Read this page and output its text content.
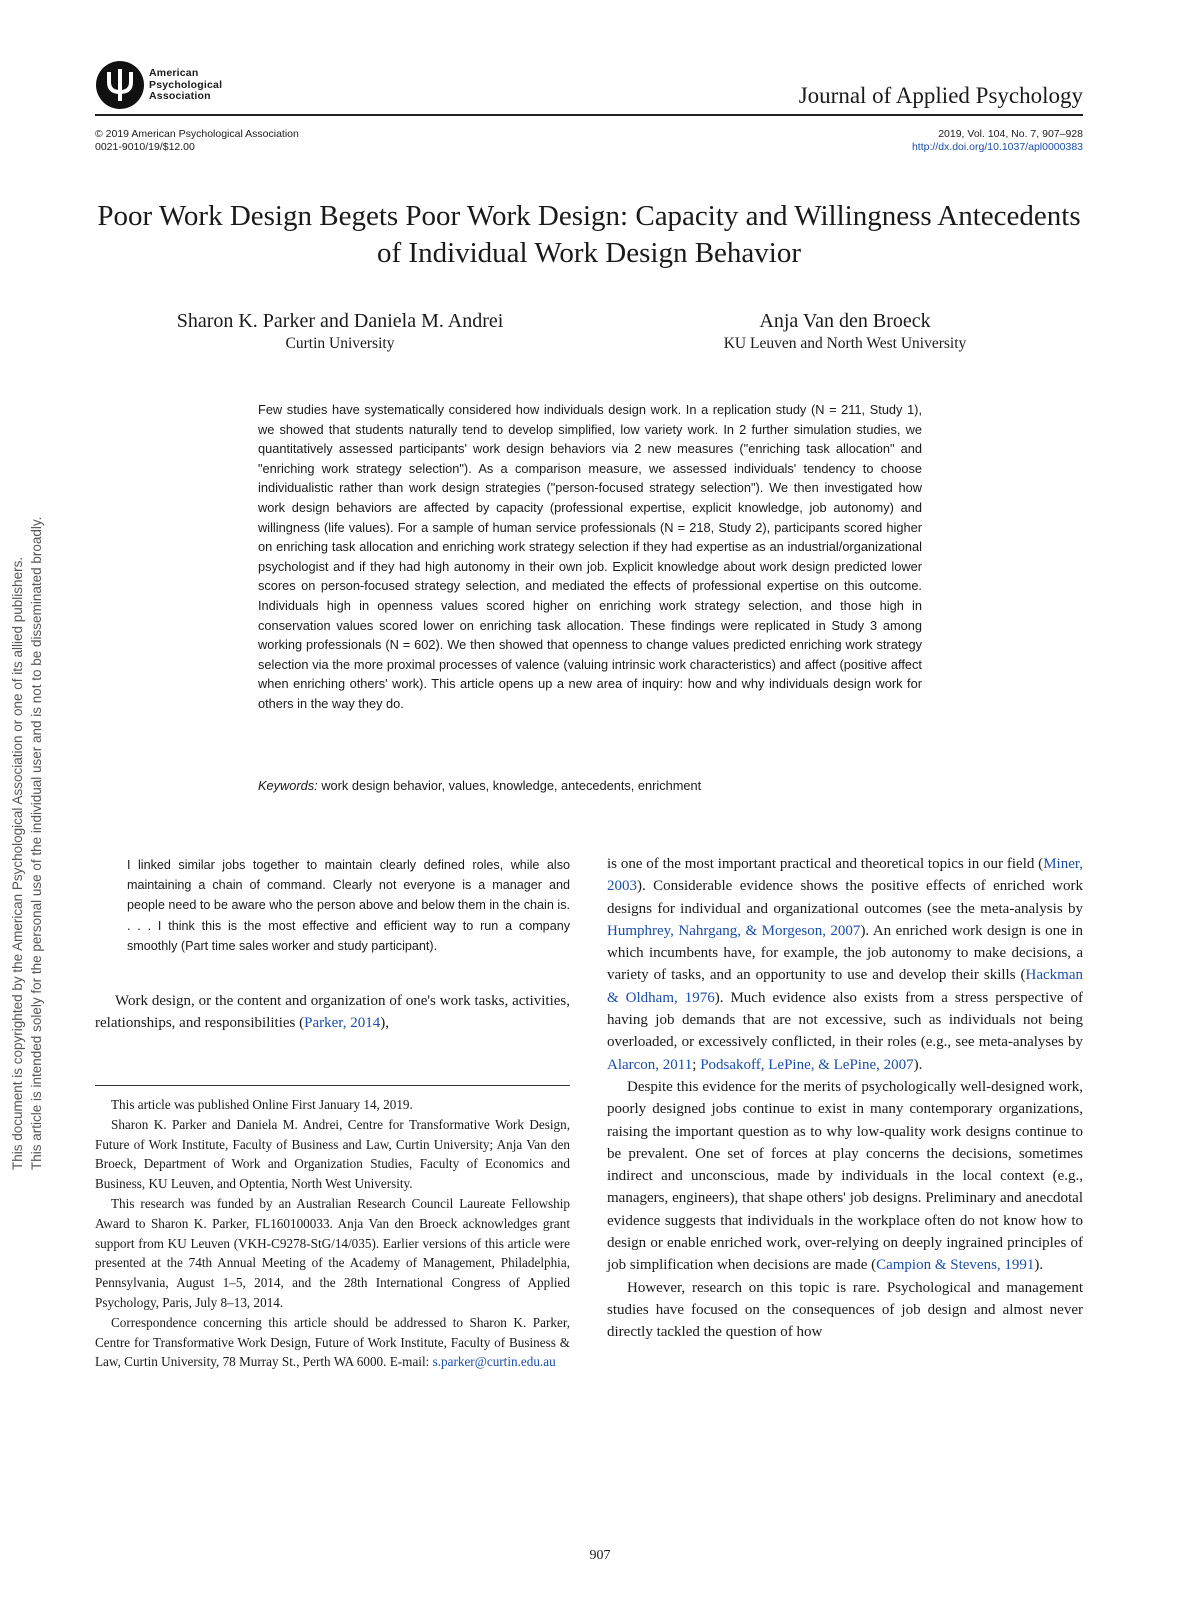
American
Psychological
Association	Journal of Applied Psychology
© 2019 American Psychological Association
0021-9010/19/$12.00
2019, Vol. 104, No. 7, 907–928
http://dx.doi.org/10.1037/apl0000383
Poor Work Design Begets Poor Work Design: Capacity and Willingness Antecedents of Individual Work Design Behavior
Sharon K. Parker and Daniela M. Andrei
Curtin University
Anja Van den Broeck
KU Leuven and North West University

Few studies have systematically considered how individuals design work. In a replication study (N = 211, Study 1), we showed that students naturally tend to develop simplified, low variety work. In 2 further simulation studies, we quantitatively assessed participants' work design behaviors via 2 new measures ("enriching task allocation" and "enriching work strategy selection"). As a comparison measure, we assessed individuals' tendency to choose individualistic rather than work design strategies ("person-focused strategy selection"). We then investigated how work design behaviors are affected by capacity (professional expertise, explicit knowledge, job autonomy) and willingness (life values). For a sample of human service professionals (N = 218, Study 2), participants scored higher on enriching task allocation and enriching work strategy selection if they had expertise as an industrial/organizational psychologist and if they had high autonomy in their own job. Explicit knowledge about work design predicted lower scores on person-focused strategy selection, and mediated the effects of professional expertise on this outcome. Individuals high in openness values scored higher on enriching work strategy selection, and those high in conservation values scored lower on enriching task allocation. These findings were replicated in Study 3 among working professionals (N = 602). We then showed that openness to change values predicted enriching work strategy selection via the more proximal processes of valence (valuing intrinsic work characteristics) and affect (positive affect when enriching others' work). This article opens up a new area of inquiry: how and why individuals design work for others in the way they do.

Keywords: work design behavior, values, knowledge, antecedents, enrichment
I linked similar jobs together to maintain clearly defined roles, while also maintaining a chain of command. Clearly not everyone is a manager and people need to be aware who the person above and below them in the chain is. . . . I think this is the most effective and efficient way to run a company smoothly (Part time sales worker and study participant).

Work design, or the content and organization of one's work tasks, activities, relationships, and responsibilities (Parker, 2014),

This article was published Online First January 14, 2019.

Sharon K. Parker and Daniela M. Andrei, Centre for Transformative Work Design, Future of Work Institute, Faculty of Business and Law, Curtin University; Anja Van den Broeck, Department of Work and Organization Studies, Faculty of Economics and Business, KU Leuven, and Optentia, North West University.

This research was funded by an Australian Research Council Laureate Fellowship Award to Sharon K. Parker, FL160100033. Anja Van den Broeck acknowledges grant support from KU Leuven (VKH-C9278-StG/14/035). Earlier versions of this article were presented at the 74th Annual Meeting of the Academy of Management, Philadelphia, Pennsylvania, August 1–5, 2014, and the 28th International Congress of Applied Psychology, Paris, July 8–13, 2014.

Correspondence concerning this article should be addressed to Sharon K. Parker, Centre for Transformative Work Design, Future of Work Institute, Faculty of Business & Law, Curtin University, 78 Murray St., Perth WA 6000. E-mail: s.parker@curtin.edu.au

is one of the most important practical and theoretical topics in our field (Miner, 2003). Considerable evidence shows the positive effects of enriched work designs for individual and organizational outcomes (see the meta-analysis by Humphrey, Nahrgang, & Morgeson, 2007). An enriched work design is one in which incumbents have, for example, the job autonomy to make decisions, a variety of tasks, and an opportunity to use and develop their skills (Hackman & Oldham, 1976). Much evidence also exists from a stress perspective of having job demands that are not excessive, such as individuals not being overloaded, or excessively conflicted, in their roles (e.g., see meta-analyses by Alarcon, 2011; Podsakoff, LePine, & LePine, 2007).

Despite this evidence for the merits of psychologically well-designed work, poorly designed jobs continue to exist in many contemporary organizations, raising the important question as to why low-quality work designs continue to be prevalent. One set of forces at play concerns the decisions, sometimes indirect and unconscious, made by individuals in the local context (e.g., managers, engineers), that shape others' job designs. Preliminary and anecdotal evidence suggests that individuals in the workplace often do not know how to design or enable enriched work, over-relying on deeply ingrained principles of job simplification when decisions are made (Campion & Stevens, 1991).

However, research on this topic is rare. Psychological and management studies have focused on the consequences of job design and almost never directly tackled the question of how

This document is copyrighted by the American Psychological Association or one of its allied publishers. This article is intended solely for the personal use of the individual user and is not to be disseminated broadly.
907
